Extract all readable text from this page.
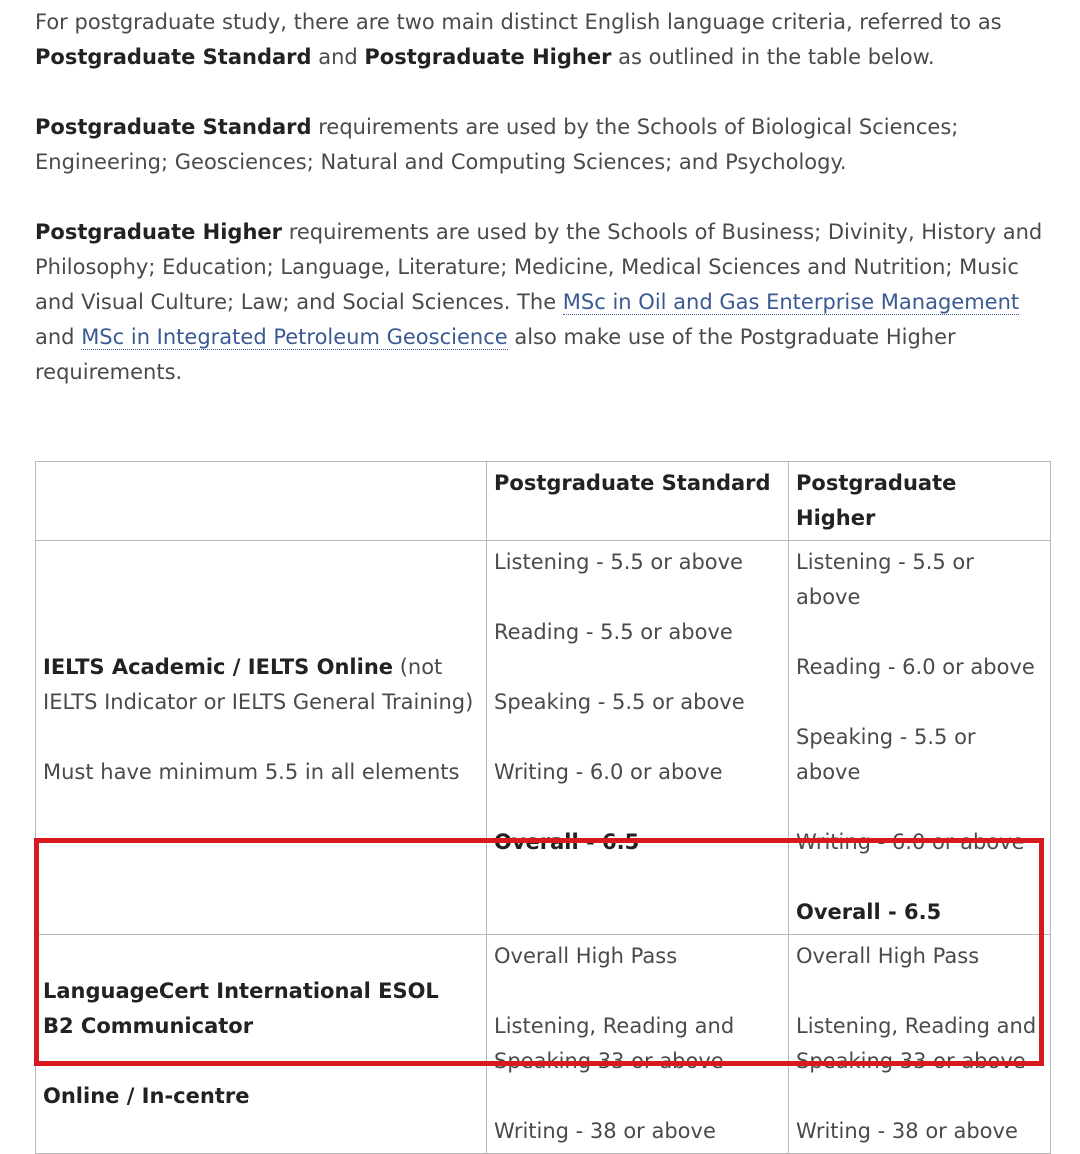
For postgraduate study, there are two main distinct English language criteria, referred to as
Postgraduate Standard and Postgraduate Higher as outlined in the table below.

Postgraduate Standard requirements are used by the Schools of Biological Sciences; Engineering; Geosciences; Natural and Computing Sciences; and Psychology.

Postgraduate Higher requirements are used by the Schools of Business; Divinity, History and Philosophy; Education; Language, Literature; Medicine, Medical Sciences and Nutrition; Music and Visual Culture; Law; and Social Sciences. The MSc in Oil and Gas Enterprise Management and MSc in Integrated Petroleum Geoscience also make use of the Postgraduate Higher requirements.

	Postgraduate Standard	Postgraduate Higher
IELTS Academic / IELTS Online (not IELTS Indicator or IELTS General Training)
Must have minimum 5.5 in all elements	Listening - 5.5 or above
Reading - 5.5 or above
Speaking - 5.5 or above
Writing - 6.0 or above
Overall - 6.5	Listening - 5.5 or above
Reading - 6.0 or above
Speaking - 5.5 or above
Writing - 6.0 or above
Overall - 6.5

LanguageCert International ESOL
B2 Communicator
Online / In-centre	Overall High Pass
Listening, Reading and
Speaking 33 or above
Writing - 38 or above	Overall High Pass
Listening, Reading and
Speaking 33 or above
Writing - 38 or above
